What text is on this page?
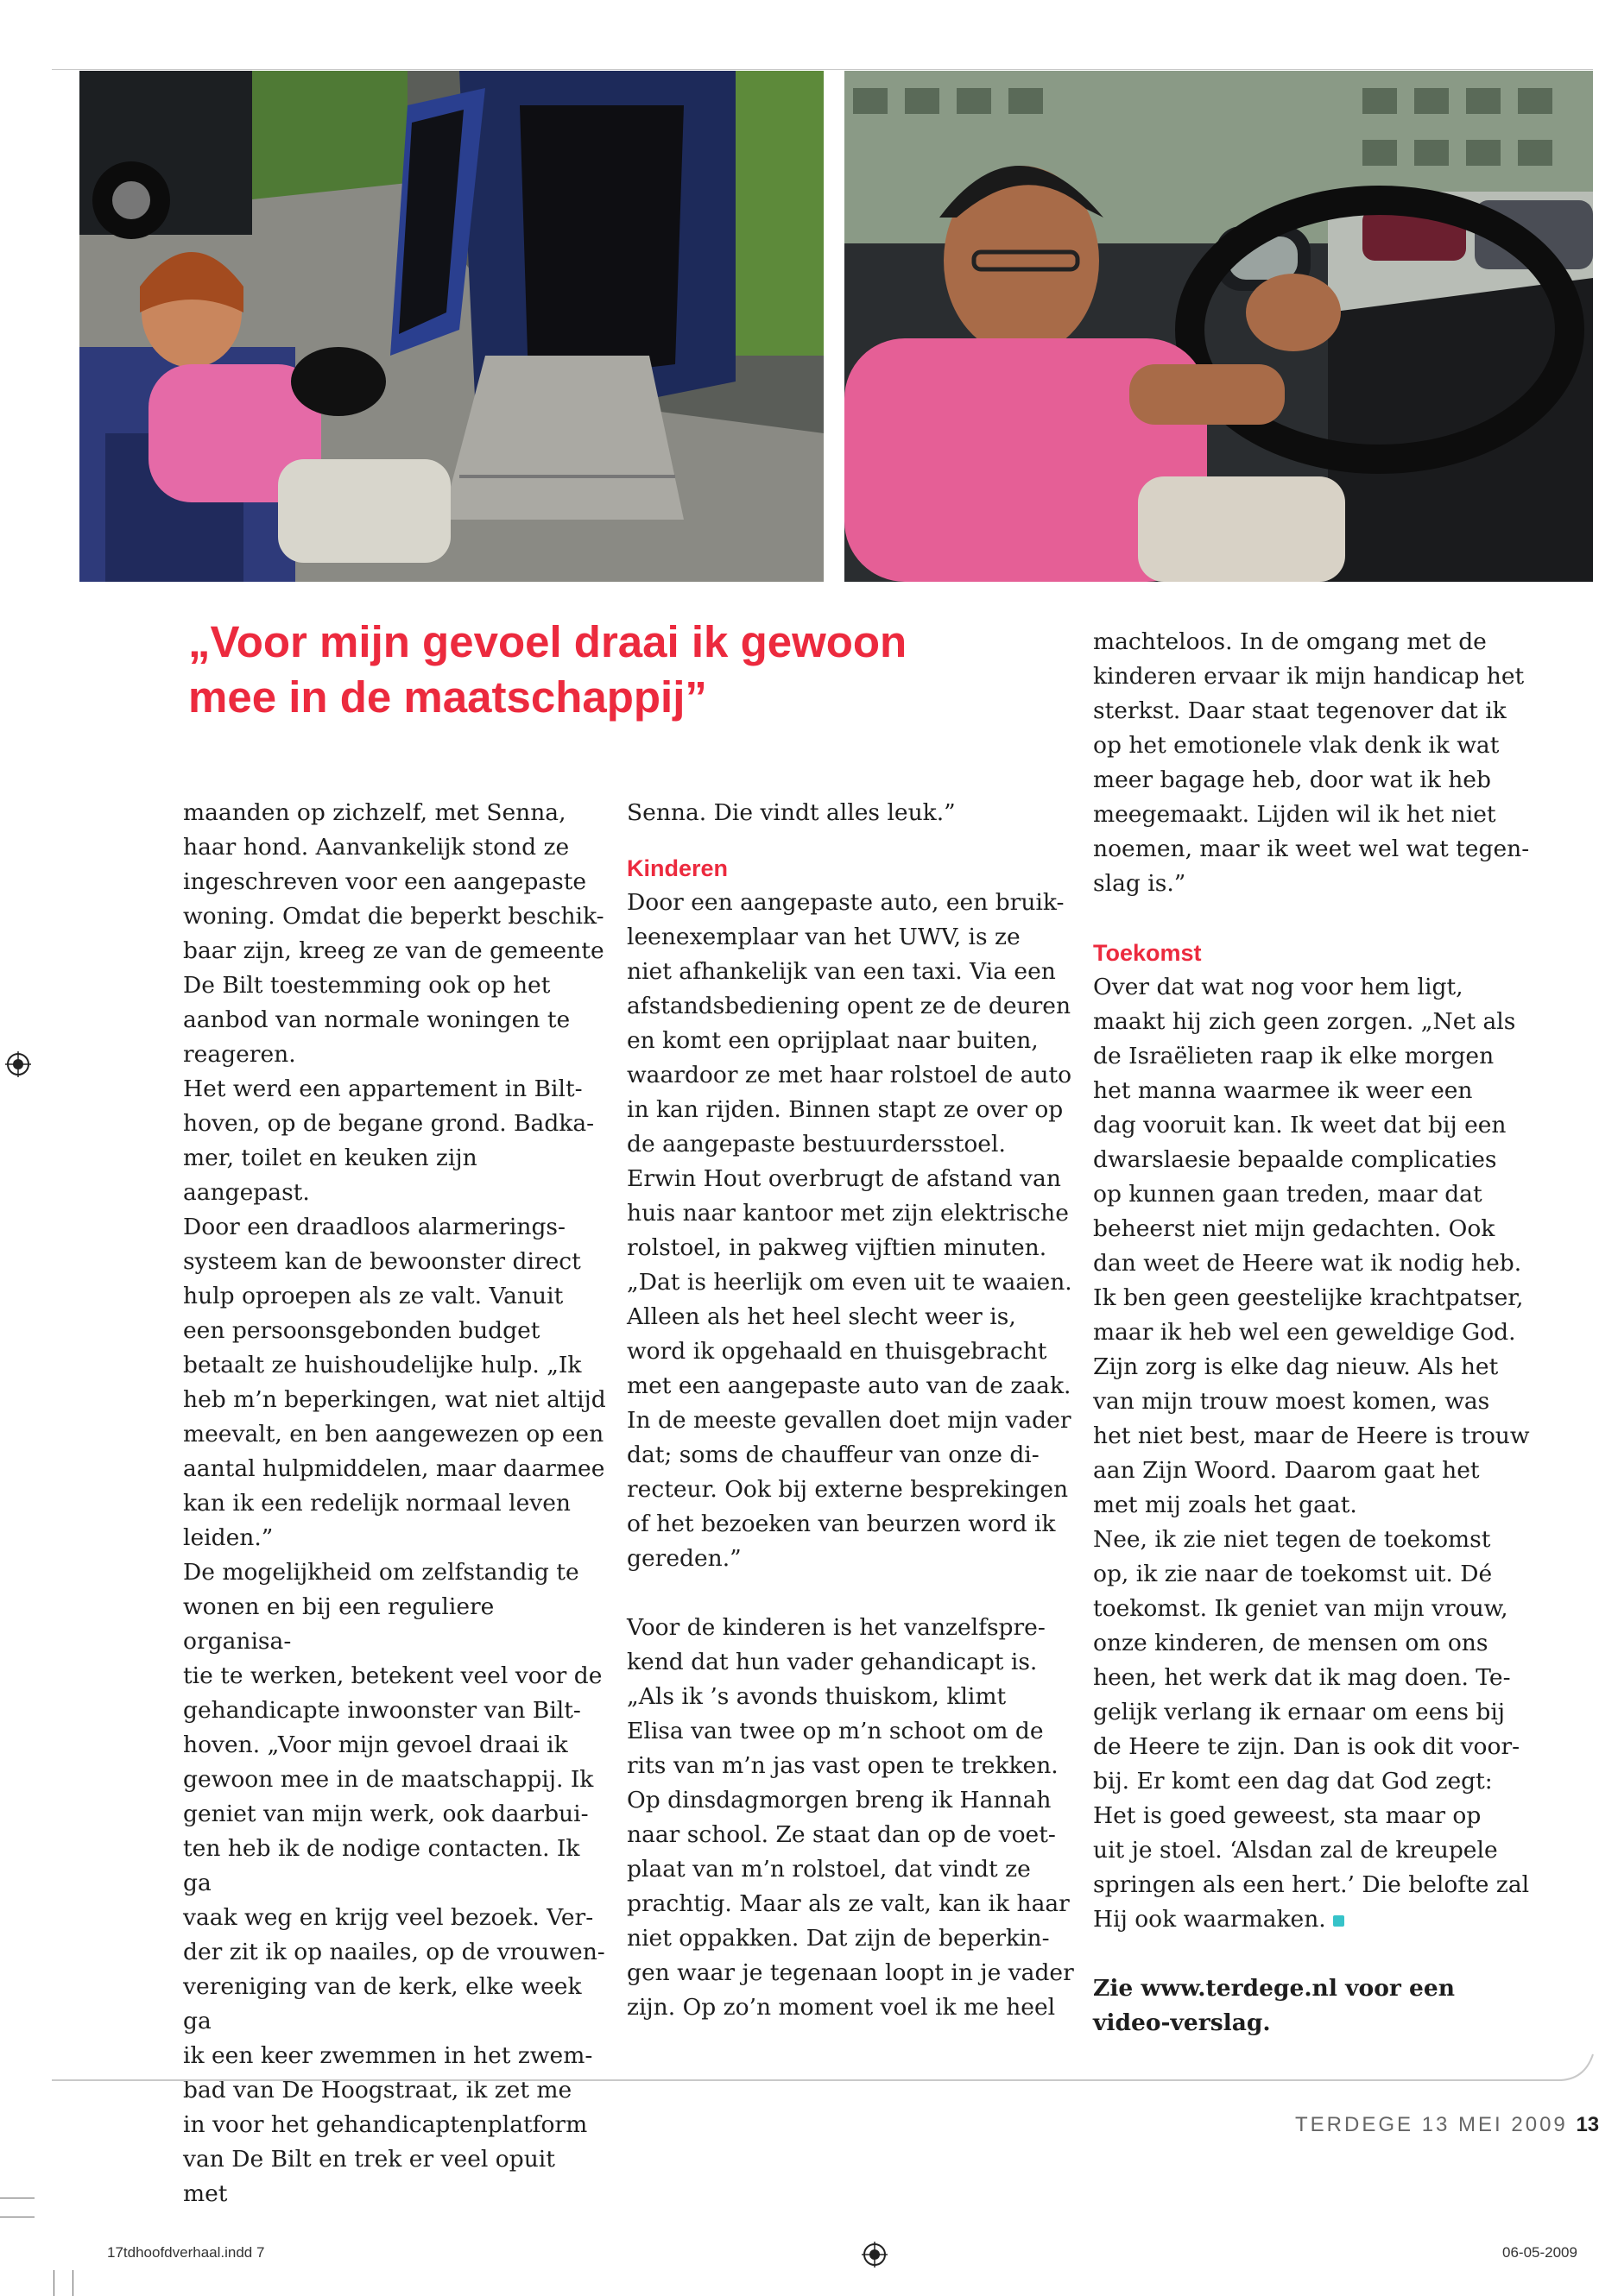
„Voor mijn gevoel draai ik gewoon
mee in de maatschappij”

maanden op zichzelf, met Senna,
haar hond. Aanvankelijk stond ze
ingeschreven voor een aangepaste
woning. Omdat die beperkt beschik-
baar zijn, kreeg ze van de gemeente
De Bilt toestemming ook op het
aanbod van normale woningen te
reageren.

Het werd een appartement in Bilt-
hoven, op de begane grond. Badka-
mer, toilet en keuken zijn aangepast.
Door een draadloos alarmerings-
systeem kan de bewoonster direct
hulp oproepen als ze valt. Vanuit
een persoonsgebonden budget
betaalt ze huishoudelijke hulp. „Ik
heb m’n beperkingen, wat niet altijd
meevalt, en ben aangewezen op een
aantal hulpmiddelen, maar daarmee
kan ik een redelijk normaal leven
leiden.”

De mogelijkheid om zelfstandig te
wonen en bij een reguliere organisa-
tie te werken, betekent veel voor de
gehandicapte inwoonster van Bilt-
hoven. „Voor mijn gevoel draai ik
gewoon mee in de maatschappij. Ik
geniet van mijn werk, ook daarbui-
ten heb ik de nodige contacten. Ik ga
vaak weg en krijg veel bezoek. Ver-
der zit ik op naailes, op de vrouwen-
vereniging van de kerk, elke week ga
ik een keer zwemmen in het zwem-
bad van De Hoogstraat, ik zet me
in voor het gehandicaptenplatform
van De Bilt en trek er veel opuit met

Senna. Die vindt alles leuk.”

Kinderen

Door een aangepaste auto, een bruik-
leenexemplaar van het UWV, is ze
niet afhankelijk van een taxi. Via een
afstandsbediening opent ze de deuren
en komt een oprijplaat naar buiten,
waardoor ze met haar rolstoel de auto
in kan rijden. Binnen stapt ze over op
de aangepaste bestuurdersstoel.

Erwin Hout overbrugt de afstand van
huis naar kantoor met zijn elektrische
rolstoel, in pakweg vijftien minuten.
„Dat is heerlijk om even uit te waaien.
Alleen als het heel slecht weer is,
word ik opgehaald en thuisgebracht
met een aangepaste auto van de zaak.
In de meeste gevallen doet mijn vader
dat; soms de chauffeur van onze di-
recteur. Ook bij externe besprekingen
of het bezoeken van beurzen word ik
gereden.”

Voor de kinderen is het vanzelfspre-
kend dat hun vader gehandicapt is.
„Als ik ’s avonds thuiskom, klimt
Elisa van twee op m’n schoot om de
rits van m’n jas vast open te trekken.
Op dinsdagmorgen breng ik Hannah
naar school. Ze staat dan op de voet-
plaat van m’n rolstoel, dat vindt ze
prachtig. Maar als ze valt, kan ik haar
niet oppakken. Dat zijn de beperkin-
gen waar je tegenaan loopt in je vader
zijn. Op zo’n moment voel ik me heel

machteloos. In de omgang met de
kinderen ervaar ik mijn handicap het
sterkst. Daar staat tegenover dat ik
op het emotionele vlak denk ik wat
meer bagage heb, door wat ik heb
meegemaakt. Lijden wil ik het niet
noemen, maar ik weet wel wat tegen-
slag is.”

Toekomst

Over dat wat nog voor hem ligt,
maakt hij zich geen zorgen. „Net als
de Israëlieten raap ik elke morgen
het manna waarmee ik weer een
dag vooruit kan. Ik weet dat bij een
dwarslaesie bepaalde complicaties
op kunnen gaan treden, maar dat
beheerst niet mijn gedachten. Ook
dan weet de Heere wat ik nodig heb.
Ik ben geen geestelijke krachtpatser,
maar ik heb wel een geweldige God.
Zijn zorg is elke dag nieuw. Als het
van mijn trouw moest komen, was
het niet best, maar de Heere is trouw
aan Zijn Woord. Daarom gaat het
met mij zoals het gaat.

Nee, ik zie niet tegen de toekomst
op, ik zie naar de toekomst uit. Dé
toekomst. Ik geniet van mijn vrouw,
onze kinderen, de mensen om ons
heen, het werk dat ik mag doen. Te-
gelijk verlang ik ernaar om eens bij
de Heere te zijn. Dan is ook dit voor-
bij. Er komt een dag dat God zegt:
Het is goed geweest, sta maar op
uit je stoel. ‘Alsdan zal de kreupele
springen als een hert.’ Die belofte zal
Hij ook waarmaken.

Zie www.terdege.nl voor een
video-verslag.

TERDEGE 13 MEI 2009 13
17tdhoofdverhaal.indd 7	06-05-2009
